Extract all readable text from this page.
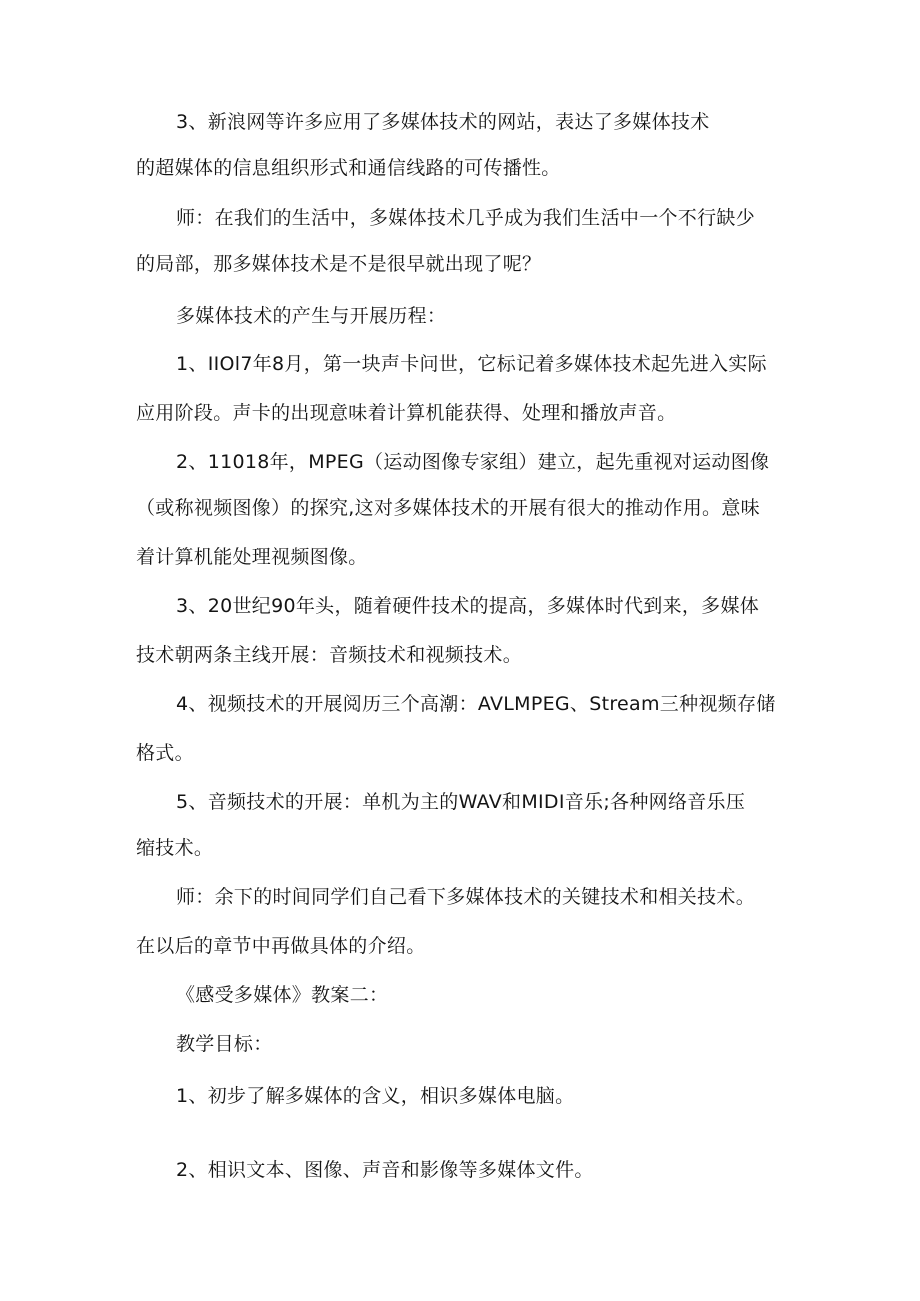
3、新浪网等许多应用了多媒体技术的网站，表达了多媒体技术
的超媒体的信息组织形式和通信线路的可传播性。
师：在我们的生活中，多媒体技术几乎成为我们生活中一个不行缺少
的局部，那多媒体技术是不是很早就出现了呢？
多媒体技术的产生与开展历程：
1、IIOl7年8月，第一块声卡问世，它标记着多媒体技术起先进入实际
应用阶段。声卡的出现意味着计算机能获得、处理和播放声音。
2、11018年，MPEG（运动图像专家组）建立，起先重视对运动图像
（或称视频图像）的探究,这对多媒体技术的开展有很大的推动作用。意味
着计算机能处理视频图像。
3、20世纪90年头，随着硬件技术的提高，多媒体时代到来，多媒体
技术朝两条主线开展：音频技术和视频技术。
4、视频技术的开展阅历三个高潮：AVLMPEG、Stream三种视频存储
格式。
5、音频技术的开展：单机为主的WAV和MIDI音乐;各种网络音乐压
缩技术。
师：余下的时间同学们自己看下多媒体技术的关键技术和相关技术。
在以后的章节中再做具体的介绍。
《感受多媒体》教案二：
教学目标：
1、初步了解多媒体的含义，相识多媒体电脑。
2、相识文本、图像、声音和影像等多媒体文件。
